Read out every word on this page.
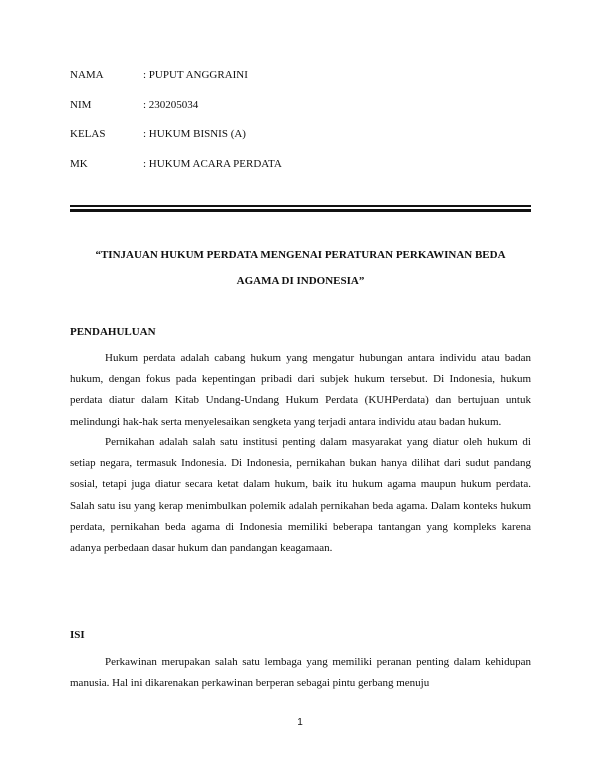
NAMA	: PUPUT ANGGRAINI
NIM	: 230205034
KELAS	: HUKUM BISNIS (A)
MK	: HUKUM ACARA PERDATA
“TINJAUAN HUKUM PERDATA MENGENAI PERATURAN PERKAWINAN BEDA
AGAMA DI INDONESIA”
PENDAHULUAN

Hukum perdata adalah cabang hukum yang mengatur hubungan antara individu atau badan hukum, dengan fokus pada kepentingan pribadi dari subjek hukum tersebut. Di Indonesia, hukum perdata diatur dalam Kitab Undang-Undang Hukum Perdata (KUHPerdata) dan bertujuan untuk melindungi hak-hak serta menyelesaikan sengketa yang terjadi antara individu atau badan hukum.

Pernikahan adalah salah satu institusi penting dalam masyarakat yang diatur oleh hukum di setiap negara, termasuk Indonesia. Di Indonesia, pernikahan bukan hanya dilihat dari sudut pandang sosial, tetapi juga diatur secara ketat dalam hukum, baik itu hukum agama maupun hukum perdata. Salah satu isu yang kerap menimbulkan polemik adalah pernikahan beda agama. Dalam konteks hukum perdata, pernikahan beda agama di Indonesia memiliki beberapa tantangan yang kompleks karena adanya perbedaan dasar hukum dan pandangan keagamaan.

ISI

Perkawinan merupakan salah satu lembaga yang memiliki peranan penting dalam kehidupan manusia. Hal ini dikarenakan perkawinan berperan sebagai pintu gerbang menuju

1
